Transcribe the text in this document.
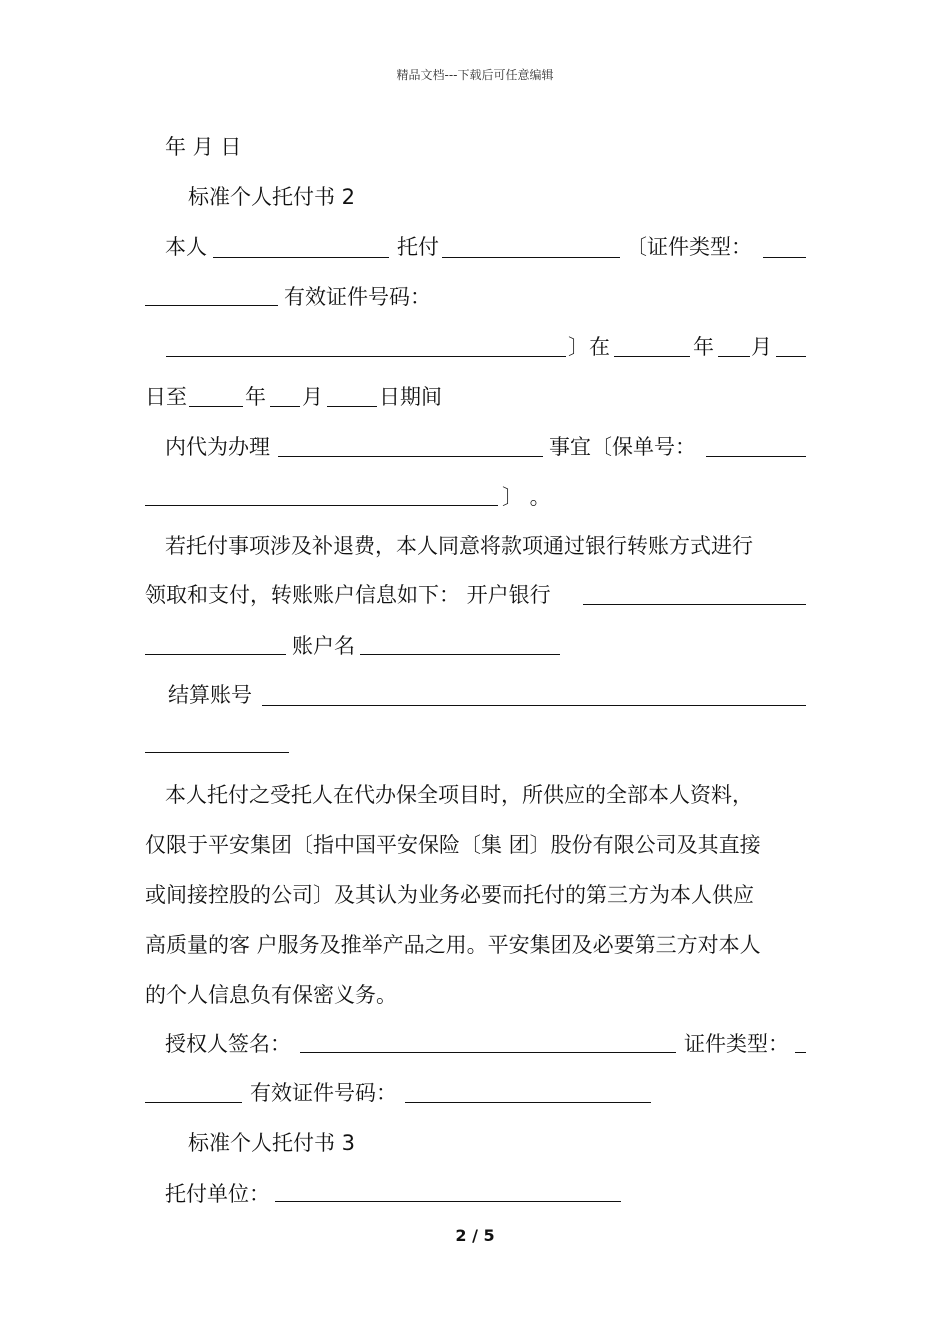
精品文档---下载后可任意编辑
年 月 日
标准个人托付书 2
本人	托付	〔证件类型：
有效证件号码：
〕在	年 月
日至	年 月	日期间
内代为办理	事宜〔保单号：
〕 。
若托付事项涉及补退费，本人同意将款项通过银行转账方式进行
领取和支付，转账账户信息如下： 开户银行
账户名
结算账号
本人托付之受托人在代办保全项目时，所供应的全部本人资料，
仅限于平安集团〔指中国平安保险〔集 团〕股份有限公司及其直接
或间接控股的公司〕及其认为业务必要而托付的第三方为本人供应
高质量的客 户服务及推举产品之用。平安集团及必要第三方对本人
的个人信息负有保密义务。
授权人签名：	证件类型：
有效证件号码：
标准个人托付书 3
托付单位：
2 / 5
